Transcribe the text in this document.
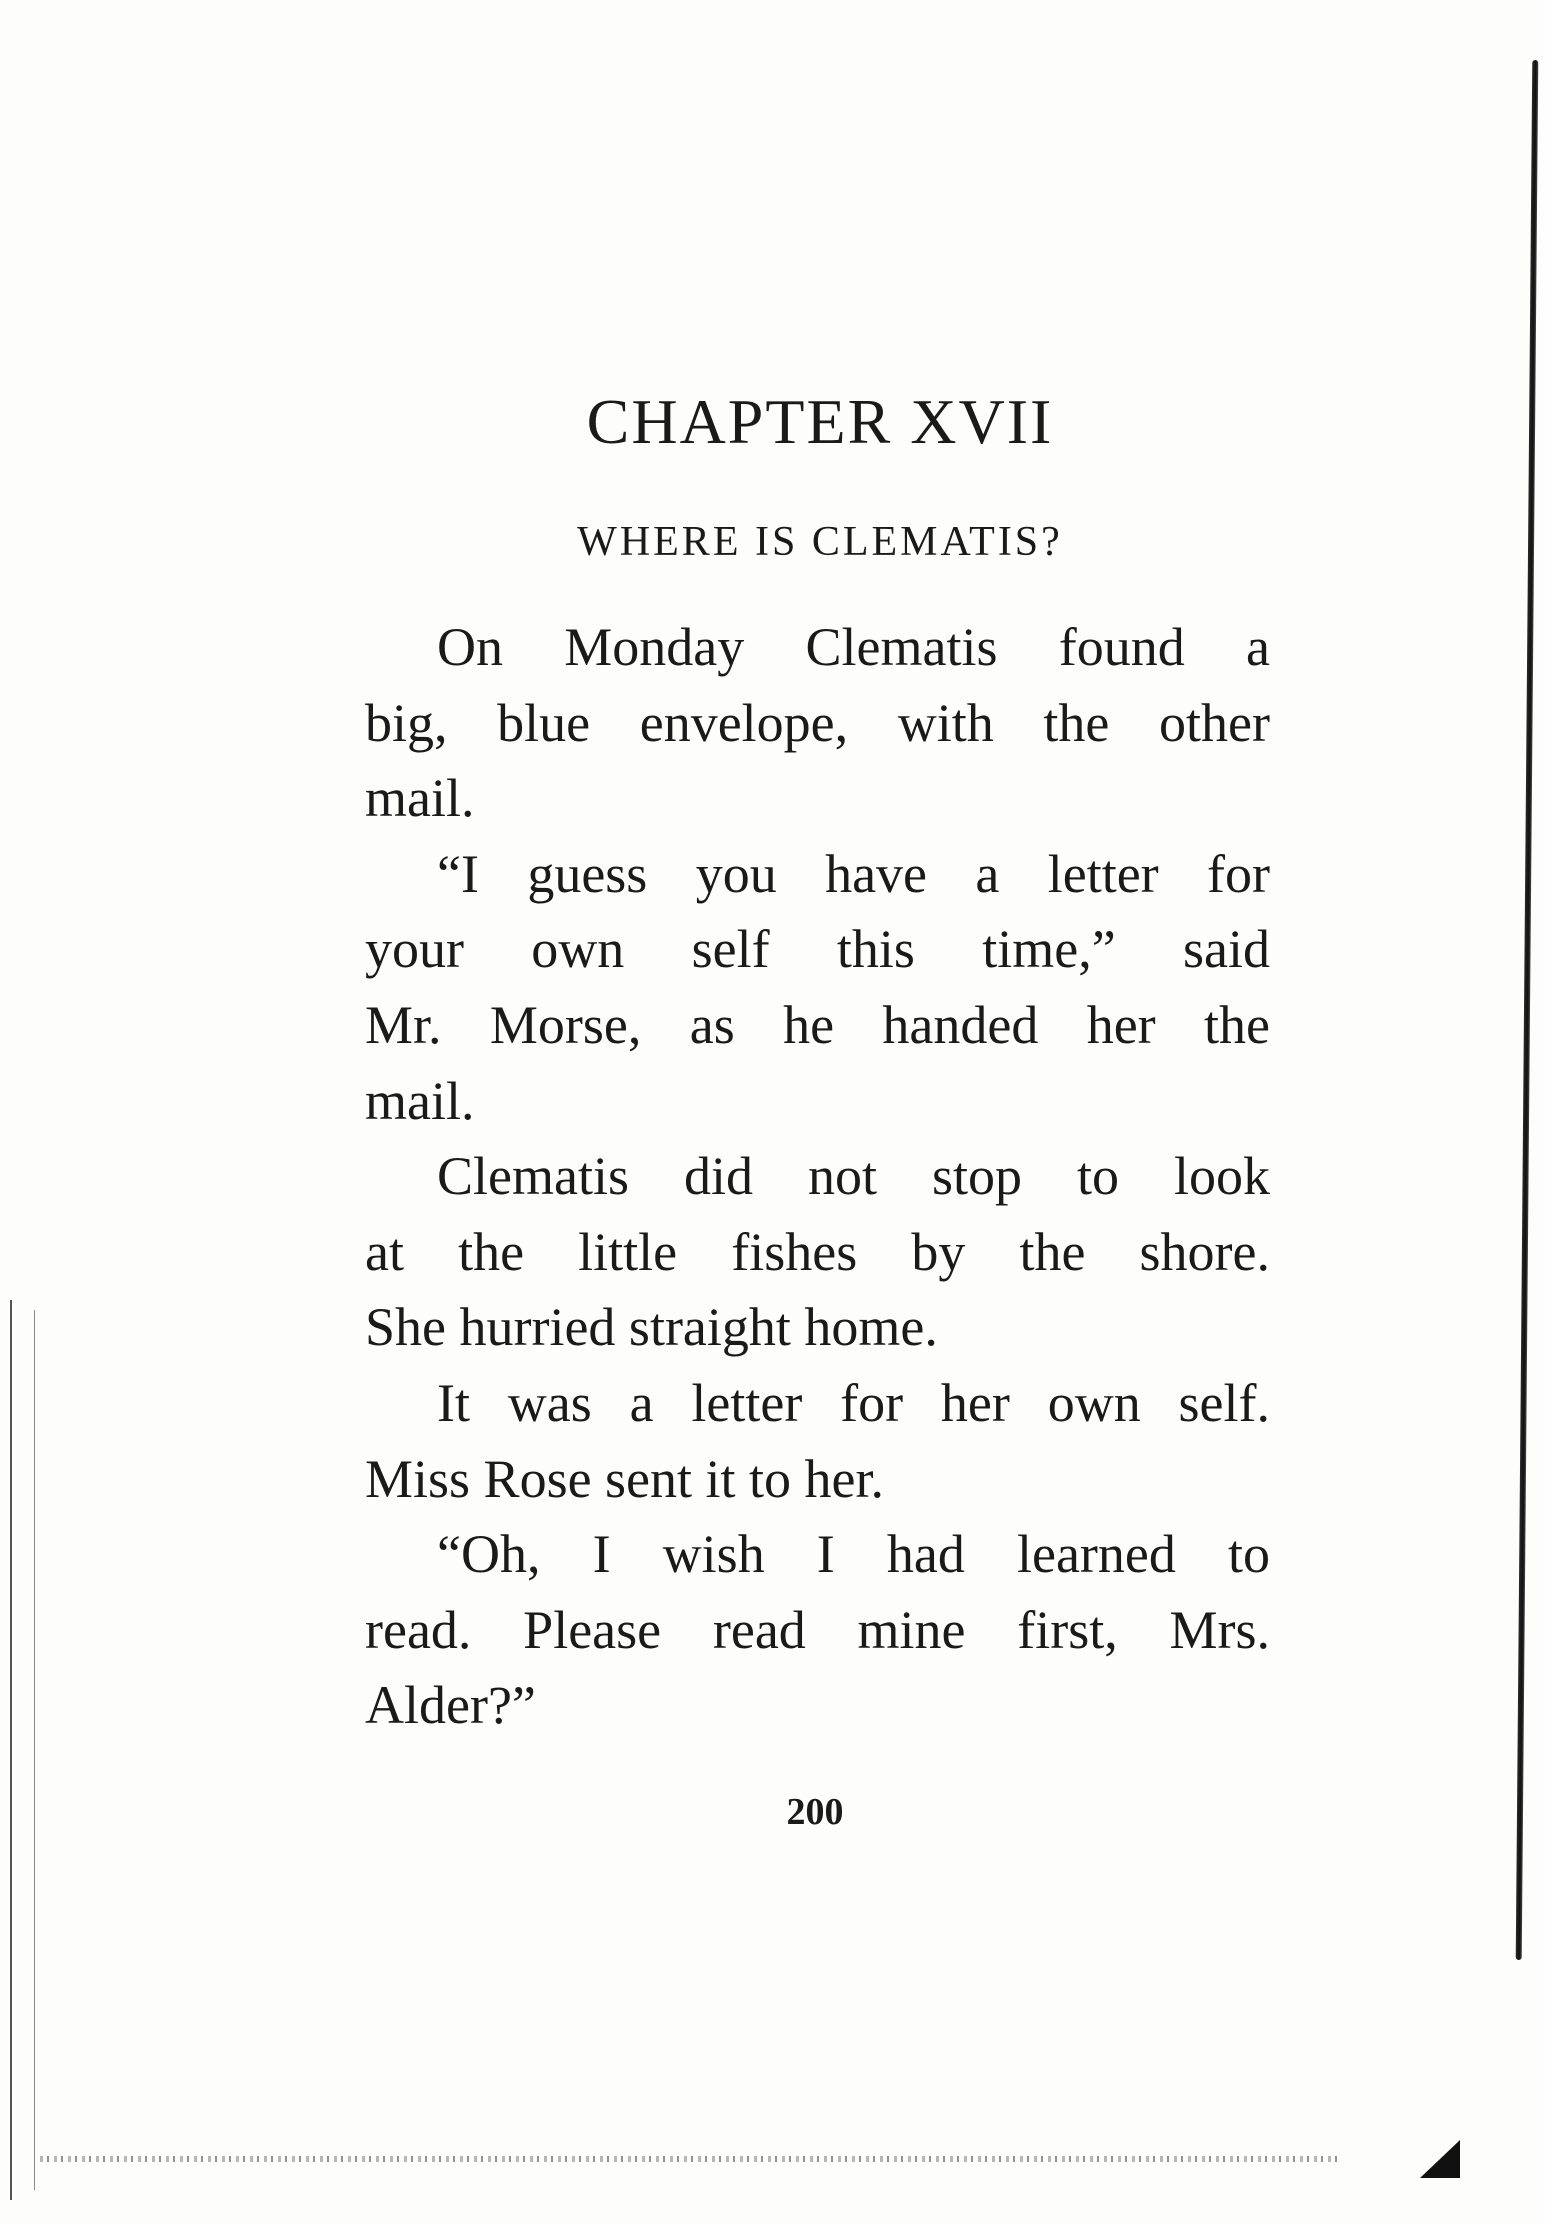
CHAPTER XVII
WHERE IS CLEMATIS?
On Monday Clematis found a
big, blue envelope, with the other
mail.
“I guess you have a letter for
your own self this time,” said
Mr. Morse, as he handed her the
mail.
Clematis did not stop to look
at the little fishes by the shore.
She hurried straight home.
It was a letter for her own self.
Miss Rose sent it to her.
“Oh, I wish I had learned to
read. Please read mine first, Mrs.
Alder?”
200
